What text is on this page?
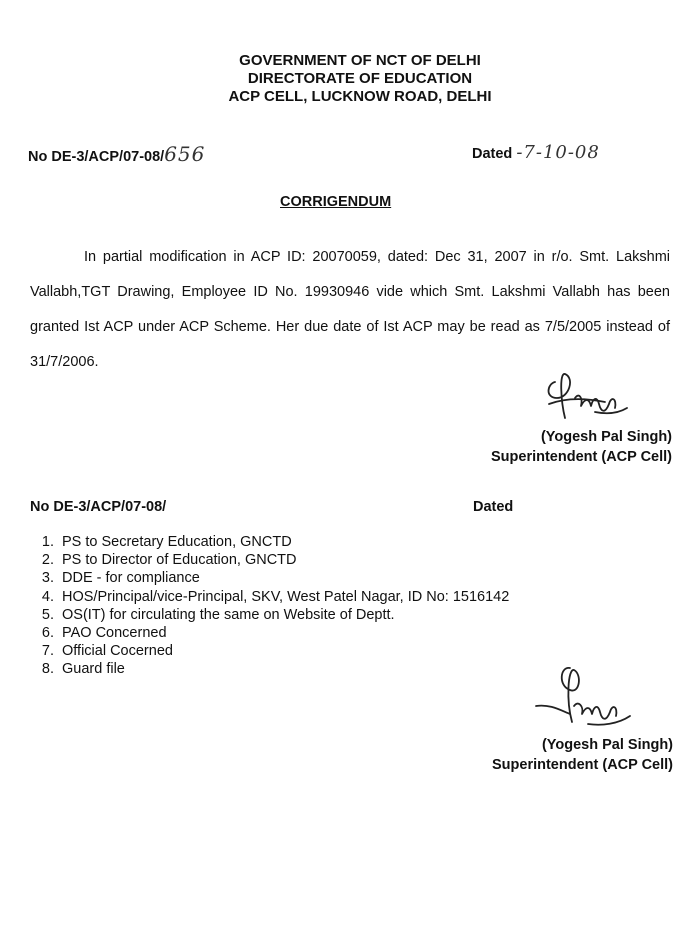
GOVERNMENT OF NCT OF DELHI
DIRECTORATE OF EDUCATION
ACP CELL, LUCKNOW ROAD, DELHI
No DE-3/ACP/07-08/656	Dated -7-10-08
CORRIGENDUM
In partial modification in ACP ID: 20070059, dated: Dec 31, 2007 in r/o. Smt. Lakshmi Vallabh,TGT Drawing, Employee ID No. 19930946 vide which Smt. Lakshmi Vallabh has been granted Ist ACP under ACP Scheme. Her due date of Ist ACP may be read as 7/5/2005 instead of 31/7/2006.
(Yogesh Pal Singh)
Superintendent (ACP Cell)
No DE-3/ACP/07-08/	Dated
1. PS to Secretary Education, GNCTD
2. PS to Director of Education, GNCTD
3. DDE - for compliance
4. HOS/Principal/vice-Principal, SKV, West Patel Nagar, ID No: 1516142
5. OS(IT) for circulating the same on Website of Deptt.
6. PAO Concerned
7. Official Cocerned
8. Guard file
(Yogesh Pal Singh)
Superintendent (ACP Cell)
